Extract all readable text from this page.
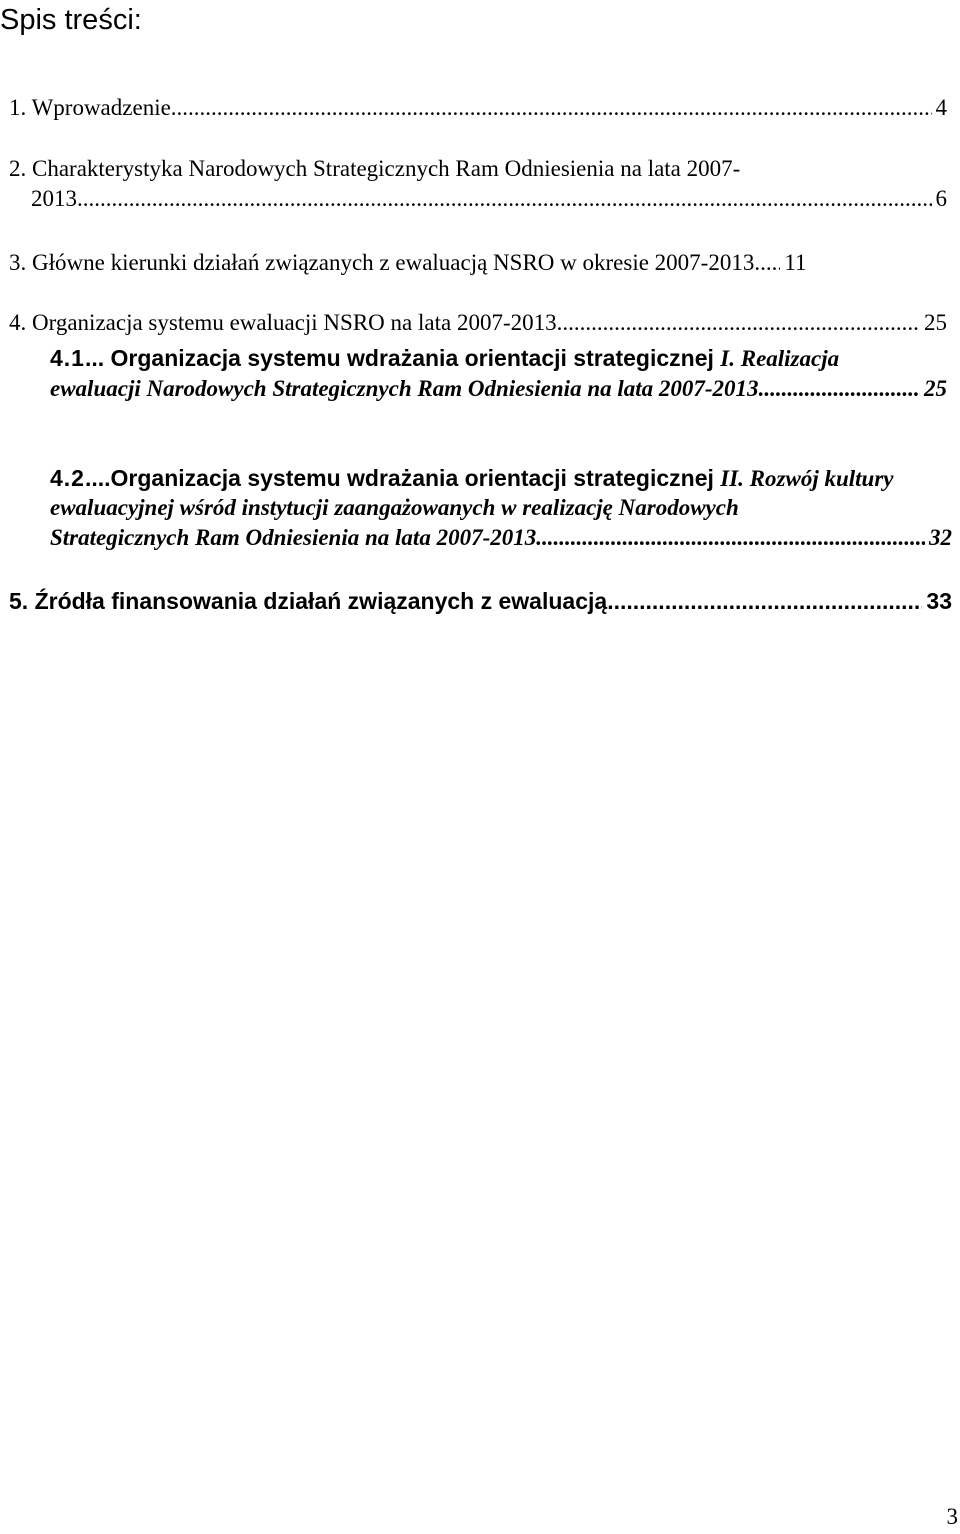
Spis treści:
1. Wprowadzenie .....	4
2. Charakterystyka Narodowych Strategicznych Ram Odniesienia na lata 2007-
2013 .....	6
3. Główne kierunki działań związanych z ewaluacją NSRO w okresie 2007-2013 ..... 11
4. Organizacja systemu ewaluacji NSRO na lata 2007-2013 .....	25
4.1... Organizacja systemu wdrażania orientacji strategicznej I. Realizacja
ewaluacji Narodowych Strategicznych Ram Odniesienia na lata 2007-2013 .....	25
4.2....Organizacja systemu wdrażania orientacji strategicznej II. Rozwój kultury
ewaluacyjnej wśród instytucji zaangażowanych w realizację Narodowych
Strategicznych Ram Odniesienia na lata 2007-2013 .....	32
5. Źródła finansowania działań związanych z ewaluacją .....	33
3
